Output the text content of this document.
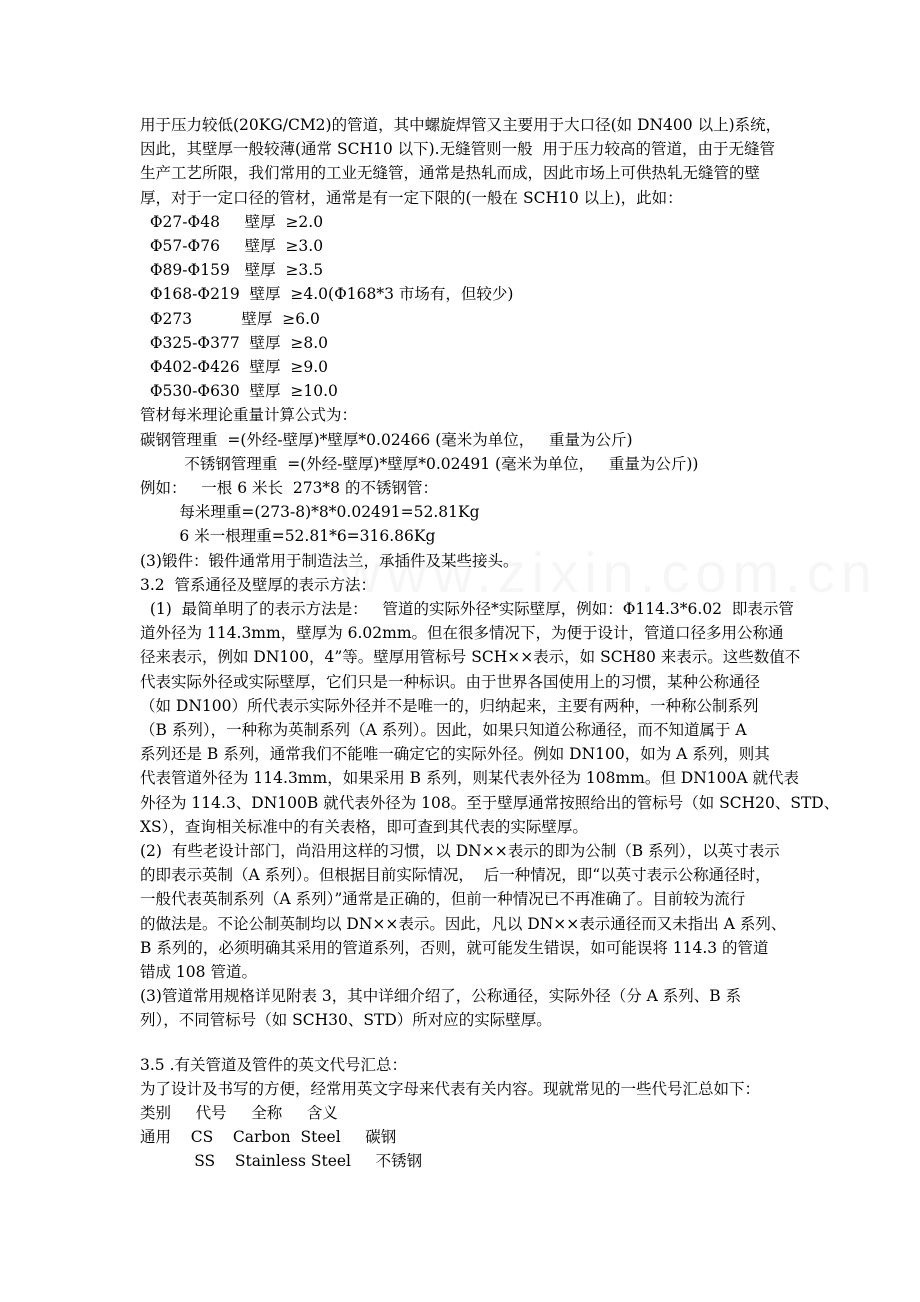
用于压力较低(20KG/CM2)的管道，其中螺旋焊管又主要用于大口径(如 DN400 以上)系统，
因此，其壁厚一般较薄(通常 SCH10 以下).无缝管则一般  用于压力较高的管道，由于无缝管
生产工艺所限，我们常用的工业无缝管，通常是热轧而成，因此市场上可供热轧无缝管的壁
厚，对于一定口径的管材，通常是有一定下限的(一般在 SCH10 以上)，此如：
Φ27-Φ48     壁厚  ≥2.0
Φ57-Φ76     壁厚  ≥3.0
Φ89-Φ159   壁厚  ≥3.5
Φ168-Φ219  壁厚  ≥4.0(Φ168*3 市场有，但较少)
Φ273          壁厚  ≥6.0
Φ325-Φ377  壁厚  ≥8.0
Φ402-Φ426  壁厚  ≥9.0
Φ530-Φ630  壁厚  ≥10.0
管材每米理论重量计算公式为：
碳钢管理重  =(外经-壁厚)*壁厚*0.02466 (毫米为单位，   重量为公斤)
不锈钢管理重  =(外经-壁厚)*壁厚*0.02491 (毫米为单位，   重量为公斤))
例如：   一根 6 米长  273*8 的不锈钢管：
每米理重=(273-8)*8*0.02491=52.81Kg
6 米一根理重=52.81*6=316.86Kg
(3)锻件：锻件通常用于制造法兰，承插件及某些接头。
3.2  管系通径及壁厚的表示方法：
(1)  最简单明了的表示方法是：   管道的实际外径*实际壁厚，例如：Φ114.3*6.02  即表示管
道外径为 114.3mm，壁厚为 6.02mm。但在很多情况下，为便于设计，管道口径多用公称通
径来表示，例如 DN100，4”等。壁厚用管标号 SCH××表示，如 SCH80 来表示。这些数值不
代表实际外径或实际壁厚，它们只是一种标识。由于世界各国使用上的习惯，某种公称通径
（如 DN100）所代表示实际外径并不是唯一的，归纳起来，主要有两种，一种称公制系列
（B 系列），一种称为英制系列（A 系列）。因此，如果只知道公称通径，而不知道属于 A
系列还是 B 系列，通常我们不能唯一确定它的实际外径。例如 DN100，如为 A 系列，则其
代表管道外径为 114.3mm，如果采用 B 系列，则某代表外径为 108mm。但 DN100A 就代表
外径为 114.3、DN100B 就代表外径为 108。至于壁厚通常按照给出的管标号（如 SCH20、STD、
XS），查询相关标准中的有关表格，即可查到其代表的实际壁厚。
(2)  有些老设计部门，尚沿用这样的习惯，以 DN××表示的即为公制（B 系列），以英寸表示
的即表示英制（A 系列）。但根据目前实际情况，  后一种情况，即“以英寸表示公称通径时，
一般代表英制系列（A 系列）”通常是正确的，但前一种情况已不再准确了。目前较为流行
的做法是。不论公制英制均以 DN××表示。因此，凡以 DN××表示通径而又未指出 A 系列、
B 系列的，必须明确其采用的管道系列，否则，就可能发生错误，如可能误将 114.3 的管道
错成 108 管道。
(3)管道常用规格详见附表 3，其中详细介绍了，公称通径，实际外径（分 A 系列、B 系
列），不同管标号（如 SCH30、STD）所对应的实际壁厚。
3.5 .有关管道及管件的英文代号汇总：
为了设计及书写的方便，经常用英文字母来代表有关内容。现就常见的一些代号汇总如下：
类别     代号     全称     含义
通用    CS    Carbon  Steel     碳钢
SS    Stainless Steel     不锈钢
